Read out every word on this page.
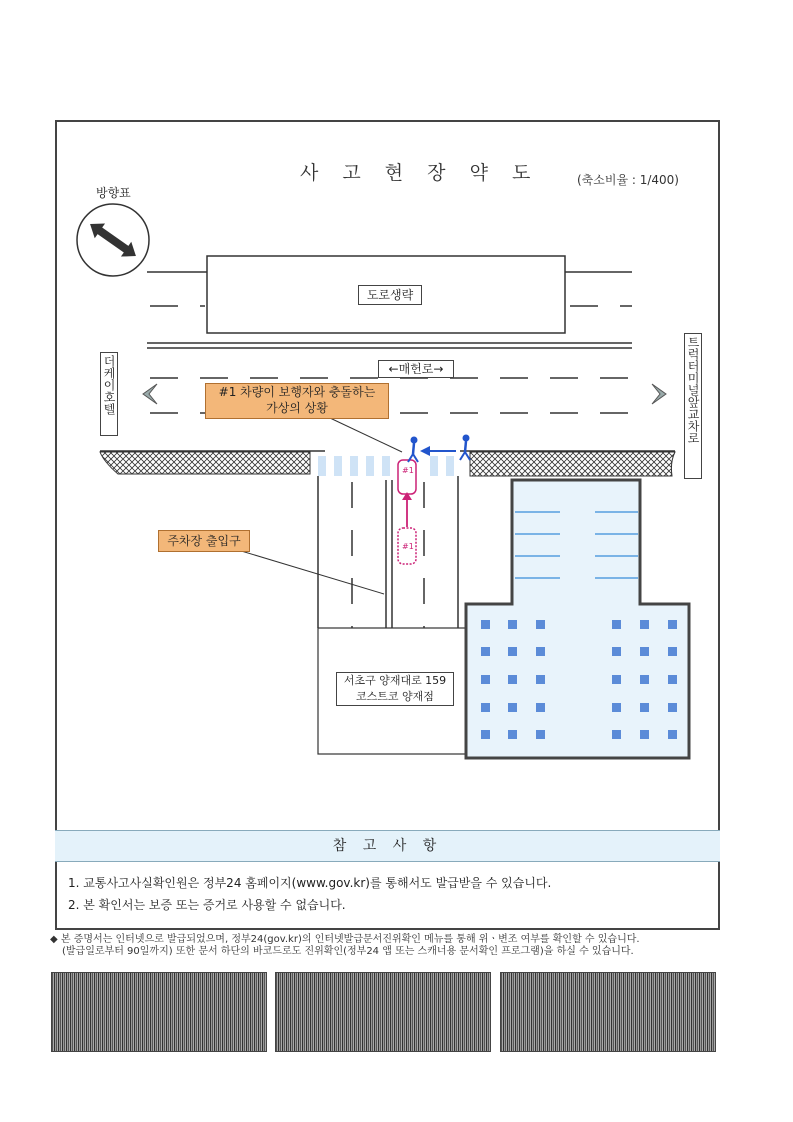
사 고 현 장 약 도	(축소비율 : 1/400)
방향표
도로생략
←매헌로→
더케이호텔	트럭터미널앞교차로
#1 차량이 보행자와 충돌하는
가상의 상황
주차장 출입구
#1
#1
서초구 양재대로 159
코스트코 양재점
참 고 사 항
1. 교통사고사실확인원은 정부24 홈페이지(www.gov.kr)를 통해서도 발급받을 수 있습니다.
2. 본 확인서는 보증 또는 증거로 사용할 수 없습니다.
◆ 본 증명서는 인터넷으로 발급되었으며, 정부24(gov.kr)의 인터넷발급문서진위확인 메뉴를 통해 위ㆍ변조 여부를 확인할 수 있습니다.
(발급일로부터 90일까지) 또한 문서 하단의 바코드로도 진위확인(정부24 앱 또는 스캐너용 문서확인 프로그램)을 하실 수 있습니다.
